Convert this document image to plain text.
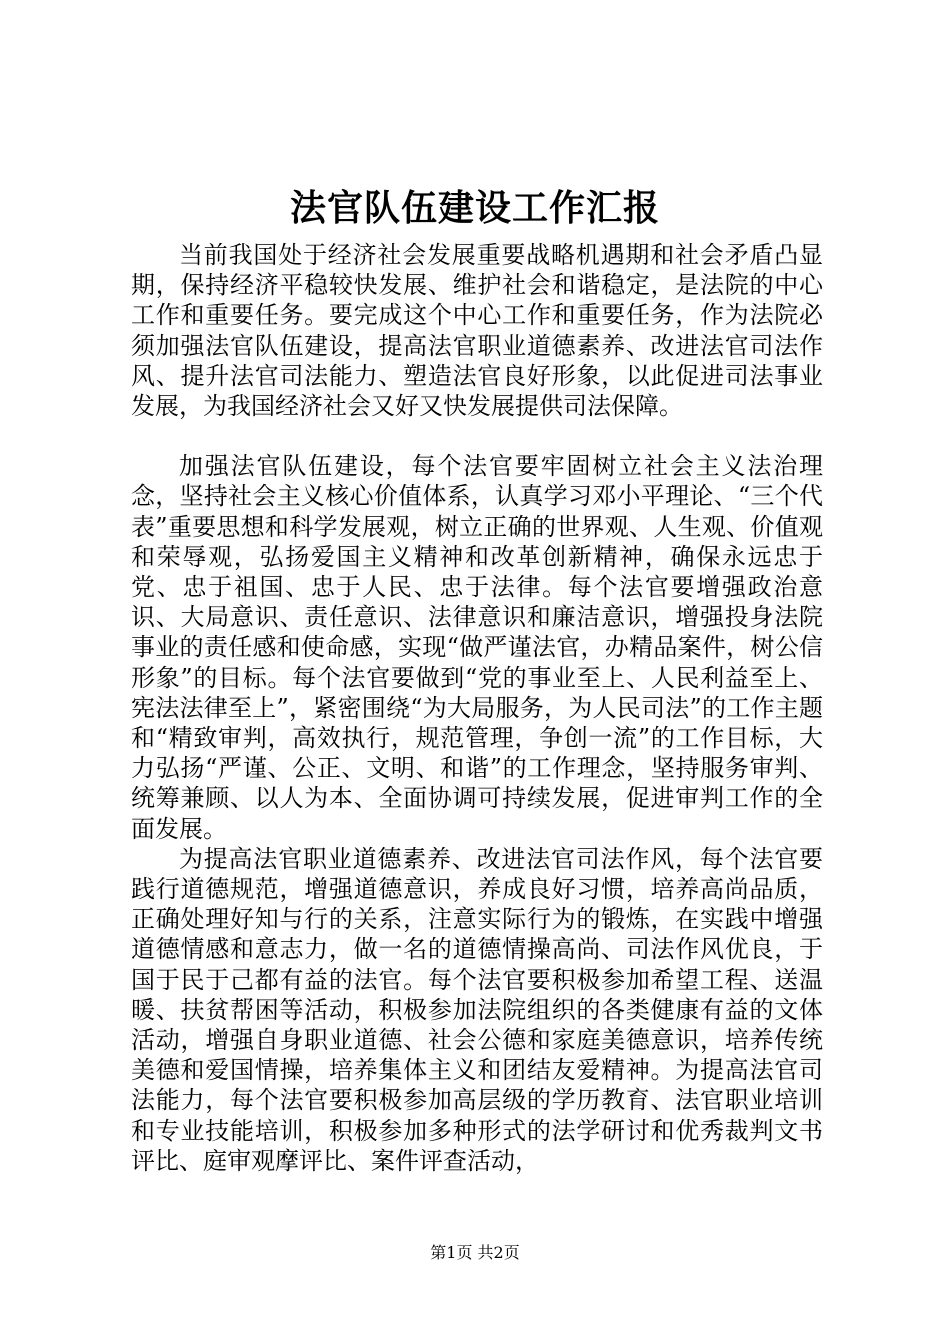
法官队伍建设工作汇报

当前我国处于经济社会发展重要战略机遇期和社会矛盾凸显期，保持经济平稳较快发展、维护社会和谐稳定，是法院的中心工作和重要任务。要完成这个中心工作和重要任务，作为法院必须加强法官队伍建设，提高法官职业道德素养、改进法官司法作风、提升法官司法能力、塑造法官良好形象，以此促进司法事业发展，为我国经济社会又好又快发展提供司法保障。

加强法官队伍建设，每个法官要牢固树立社会主义法治理念，坚持社会主义核心价值体系，认真学习邓小平理论、“三个代表”重要思想和科学发展观，树立正确的世界观、人生观、价值观和荣辱观，弘扬爱国主义精神和改革创新精神，确保永远忠于党、忠于祖国、忠于人民、忠于法律。每个法官要增强政治意识、大局意识、责任意识、法律意识和廉洁意识，增强投身法院事业的责任感和使命感，实现“做严谨法官，办精品案件，树公信形象”的目标。每个法官要做到“党的事业至上、人民利益至上、宪法法律至上”，紧密围绕“为大局服务，为人民司法”的工作主题和“精致审判，高效执行，规范管理，争创一流”的工作目标，大力弘扬“严谨、公正、文明、和谐”的工作理念，坚持服务审判、统筹兼顾、以人为本、全面协调可持续发展，促进审判工作的全面发展。

为提高法官职业道德素养、改进法官司法作风，每个法官要践行道德规范，增强道德意识，养成良好习惯，培养高尚品质，正确处理好知与行的关系，注意实际行为的锻炼，在实践中增强道德情感和意志力，做一名的道德情操高尚、司法作风优良，于国于民于己都有益的法官。每个法官要积极参加希望工程、送温暖、扶贫帮困等活动，积极参加法院组织的各类健康有益的文体活动，增强自身职业道德、社会公德和家庭美德意识，培养传统美德和爱国情操，培养集体主义和团结友爱精神。为提高法官司法能力，每个法官要积极参加高层级的学历教育、法官职业培训和专业技能培训，积极参加多种形式的法学研讨和优秀裁判文书评比、庭审观摩评比、案件评查活动，

第1页 共2页
